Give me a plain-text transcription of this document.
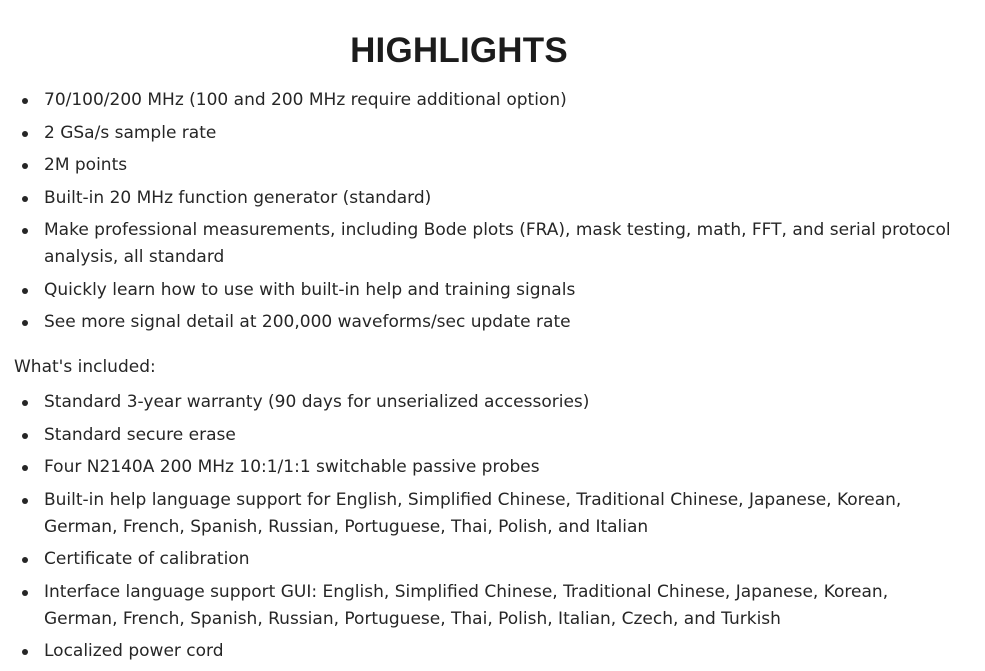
HIGHLIGHTS
70/100/200 MHz (100 and 200 MHz require additional option)
2 GSa/s sample rate
2M points
Built-in 20 MHz function generator (standard)
Make professional measurements, including Bode plots (FRA), mask testing, math, FFT, and serial protocol analysis, all standard
Quickly learn how to use with built-in help and training signals
See more signal detail at 200,000 waveforms/sec update rate

What's included:

Standard 3-year warranty (90 days for unserialized accessories)
Standard secure erase
Four N2140A 200 MHz 10:1/1:1 switchable passive probes
Built-in help language support for English, Simplified Chinese, Traditional Chinese, Japanese, Korean, German, French, Spanish, Russian, Portuguese, Thai, Polish, and Italian
Certificate of calibration
Interface language support GUI: English, Simplified Chinese, Traditional Chinese, Japanese, Korean, German, French, Spanish, Russian, Portuguese, Thai, Polish, Italian, Czech, and Turkish
Localized power cord
